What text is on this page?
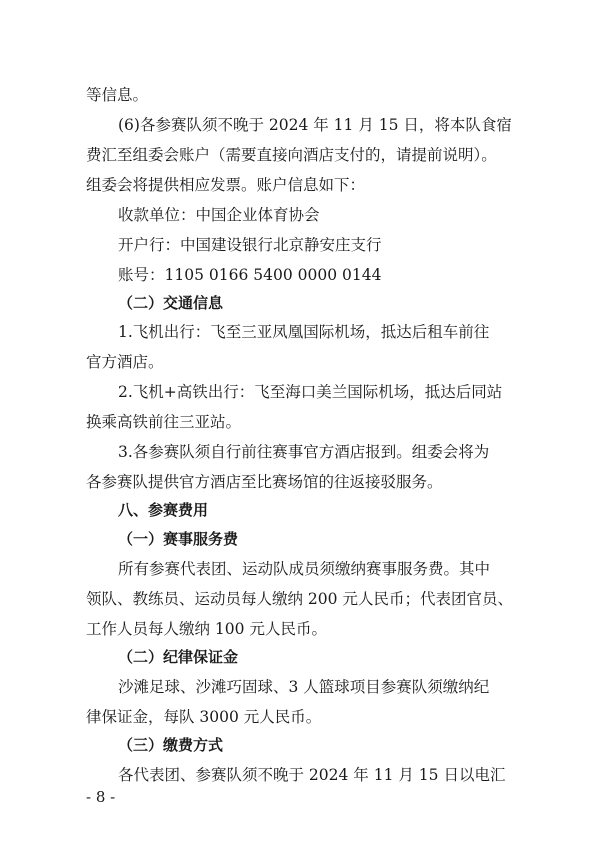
等信息。
(6)各参赛队须不晚于 2024 年 11 月 15 日，将本队食宿
费汇至组委会账户（需要直接向酒店支付的，请提前说明）。
组委会将提供相应发票。账户信息如下：
收款单位：中国企业体育协会
开户行：中国建设银行北京静安庄支行
账号：1105 0166 5400 0000 0144
（二）交通信息
1.飞机出行：飞至三亚凤凰国际机场，抵达后租车前往
官方酒店。
2.飞机+高铁出行：飞至海口美兰国际机场，抵达后同站
换乘高铁前往三亚站。
3.各参赛队须自行前往赛事官方酒店报到。组委会将为
各参赛队提供官方酒店至比赛场馆的往返接驳服务。
八、参赛费用
（一）赛事服务费
所有参赛代表团、运动队成员须缴纳赛事服务费。其中
领队、教练员、运动员每人缴纳 200 元人民币；代表团官员、
工作人员每人缴纳 100 元人民币。
（二）纪律保证金
沙滩足球、沙滩巧固球、3 人篮球项目参赛队须缴纳纪
律保证金，每队 3000 元人民币。
（三）缴费方式
各代表团、参赛队须不晚于 2024 年 11 月 15 日以电汇
- 8 -
